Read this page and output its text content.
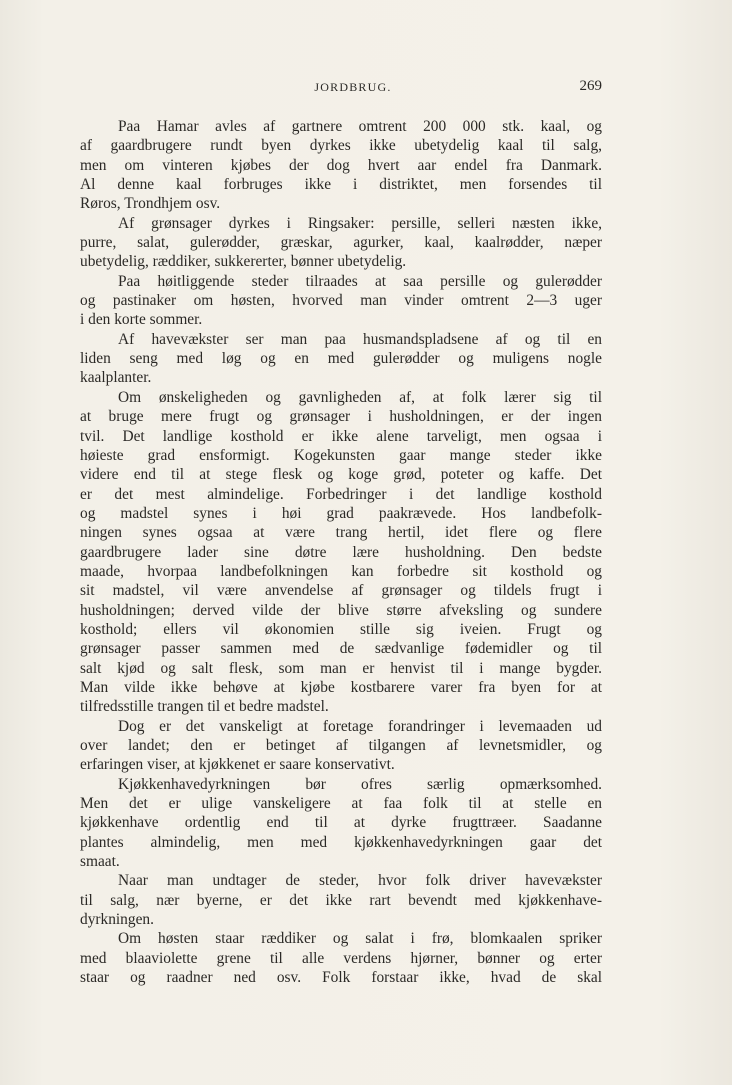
JORDBRUG.	269
Paa Hamar avles af gartnere omtrent 200 000 stk. kaal, og
af gaardbrugere rundt byen dyrkes ikke ubetydelig kaal til salg,
men om vinteren kjøbes der dog hvert aar endel fra Danmark.
Al denne kaal forbruges ikke i distriktet, men forsendes til
Røros, Trondhjem osv.
Af grønsager dyrkes i Ringsaker: persille, selleri næsten ikke,
purre, salat, gulerødder, græskar, agurker, kaal, kaalrødder, næper
ubetydelig, ræddiker, sukkererter, bønner ubetydelig.
Paa høitliggende steder tilraades at saa persille og gulerødder
og pastinaker om høsten, hvorved man vinder omtrent 2—3 uger
i den korte sommer.
Af havevækster ser man paa husmandspladsene af og til en
liden seng med løg og en med gulerødder og muligens nogle
kaalplanter.
Om ønskeligheden og gavnligheden af, at folk lærer sig til
at bruge mere frugt og grønsager i husholdningen, er der ingen
tvil. Det landlige kosthold er ikke alene tarveligt, men ogsaa i
høieste grad ensformigt. Kogekunsten gaar mange steder ikke
videre end til at stege flesk og koge grød, poteter og kaffe. Det
er det mest almindelige. Forbedringer i det landlige kosthold
og madstel synes i høi grad paakrævede. Hos landbefolk-
ningen synes ogsaa at være trang hertil, idet flere og flere
gaardbrugere lader sine døtre lære husholdning. Den bedste
maade, hvorpaa landbefolkningen kan forbedre sit kosthold og
sit madstel, vil være anvendelse af grønsager og tildels frugt i
husholdningen; derved vilde der blive større afveksling og sundere
kosthold; ellers vil økonomien stille sig iveien. Frugt og
grønsager passer sammen med de sædvanlige fødemidler og til
salt kjød og salt flesk, som man er henvist til i mange bygder.
Man vilde ikke behøve at kjøbe kostbarere varer fra byen for at
tilfredsstille trangen til et bedre madstel.
Dog er det vanskeligt at foretage forandringer i levemaaden ud
over landet; den er betinget af tilgangen af levnetsmidler, og
erfaringen viser, at kjøkkenet er saare konservativt.
Kjøkkenhavedyrkningen bør ofres særlig opmærksomhed.
Men det er ulige vanskeligere at faa folk til at stelle en
kjøkkenhave ordentlig end til at dyrke frugttræer. Saadanne
plantes almindelig, men med kjøkkenhavedyrkningen gaar det
smaat.
Naar man undtager de steder, hvor folk driver havevækster
til salg, nær byerne, er det ikke rart bevendt med kjøkkenhave-
dyrkningen.
Om høsten staar ræddiker og salat i frø, blomkaalen spriker
med blaaviolette grene til alle verdens hjørner, bønner og erter
staar og raadner ned osv. Folk forstaar ikke, hvad de skal
